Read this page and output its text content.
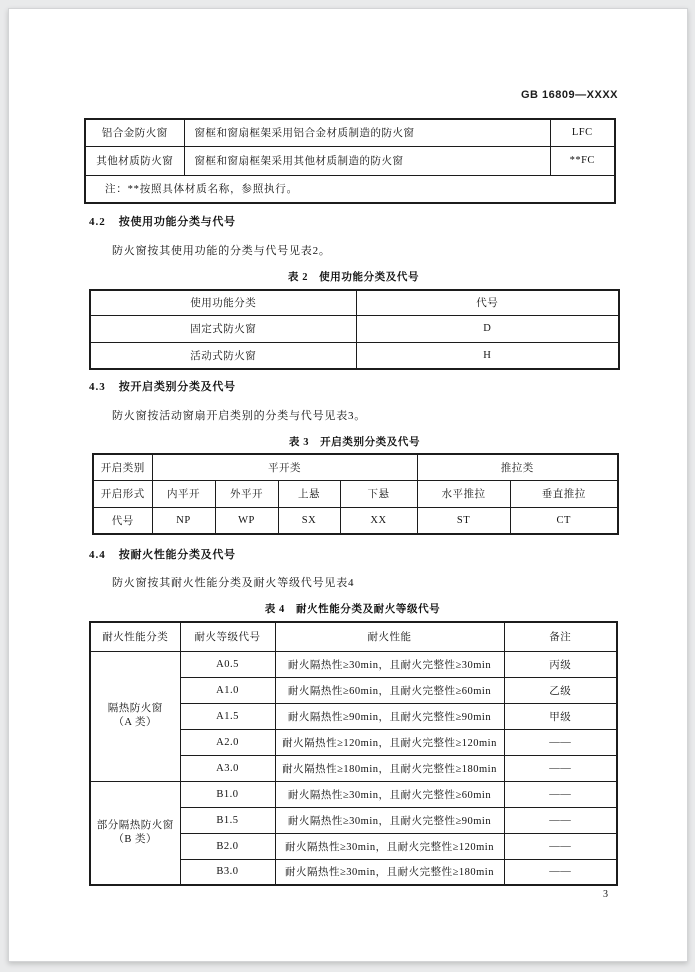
GB 16809—XXXX
铝合金防火窗	窗框和窗扇框架采用铝合金材质制造的防火窗	LFC
其他材质防火窗	窗框和窗扇框架采用其他材质制造的防火窗	**FC
注：**按照具体材质名称，参照执行。		
4.2 按使用功能分类与代号
防火窗按其使用功能的分类与代号见表2。
表 2　使用功能分类及代号
使用功能分类	代号
固定式防火窗	D
活动式防火窗	H
4.3 按开启类别分类及代号
防火窗按活动窗扇开启类别的分类与代号见表3。
表 3　开启类别分类及代号
开启类别	平开类				推拉类	
开启形式	内平开	外平开	上悬	下悬	水平推拉	垂直推拉
代号	NP	WP	SX	XX	ST	CT
4.4 按耐火性能分类及代号
防火窗按其耐火性能分类及耐火等级代号见表4
表 4　耐火性能分类及耐火等级代号
耐火性能分类	耐火等级代号	耐火性能	备注

隔热防火窗
（A 类）	A0.5	耐火隔热性≥30min，且耐火完整性≥30min	丙级
	A1.0	耐火隔热性≥60min，且耐火完整性≥60min	乙级
	A1.5	耐火隔热性≥90min，且耐火完整性≥90min	甲级
	A2.0	耐火隔热性≥120min，且耐火完整性≥120min	——
	A3.0	耐火隔热性≥180min，且耐火完整性≥180min	——

部分隔热防火窗
（B 类）	B1.0	耐火隔热性≥30min，且耐火完整性≥60min	——
	B1.5	耐火隔热性≥30min，且耐火完整性≥90min	——
	B2.0	耐火隔热性≥30min，且耐火完整性≥120min	——
	B3.0	耐火隔热性≥30min，且耐火完整性≥180min	——
3
